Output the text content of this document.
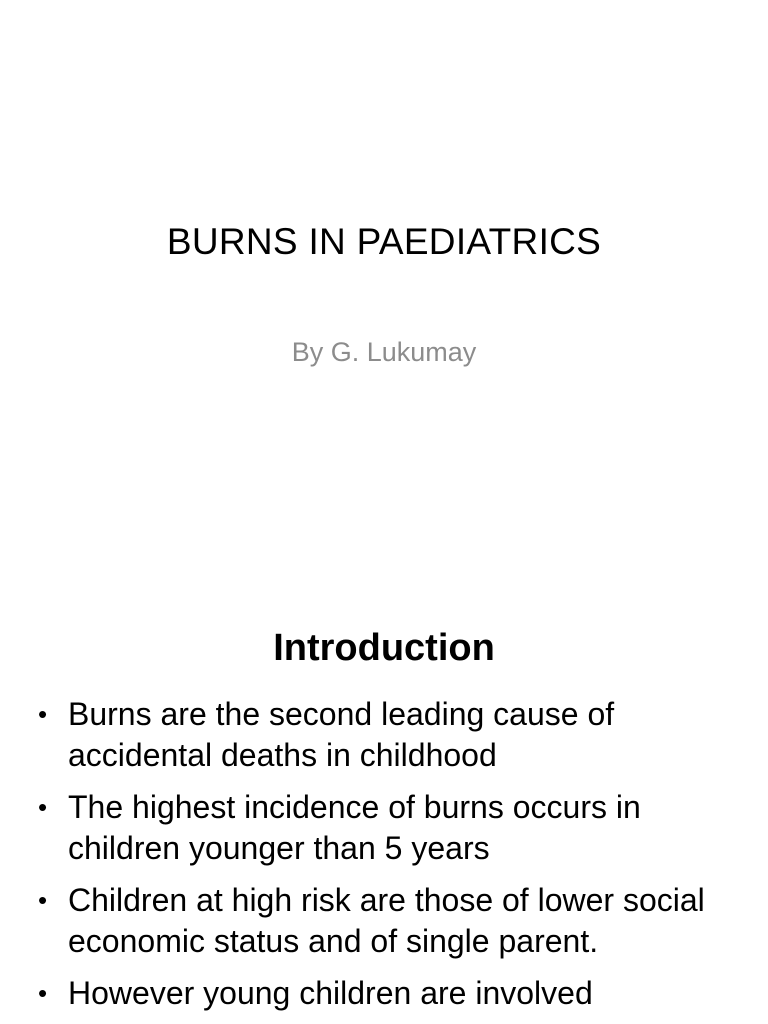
BURNS IN PAEDIATRICS
By G. Lukumay
Introduction
• Burns are the second leading cause of accidental deaths in childhood
• The highest incidence of burns occurs in children younger than 5 years
• Children at high risk are those of lower social economic status and of single parent.
• However young children are involved
